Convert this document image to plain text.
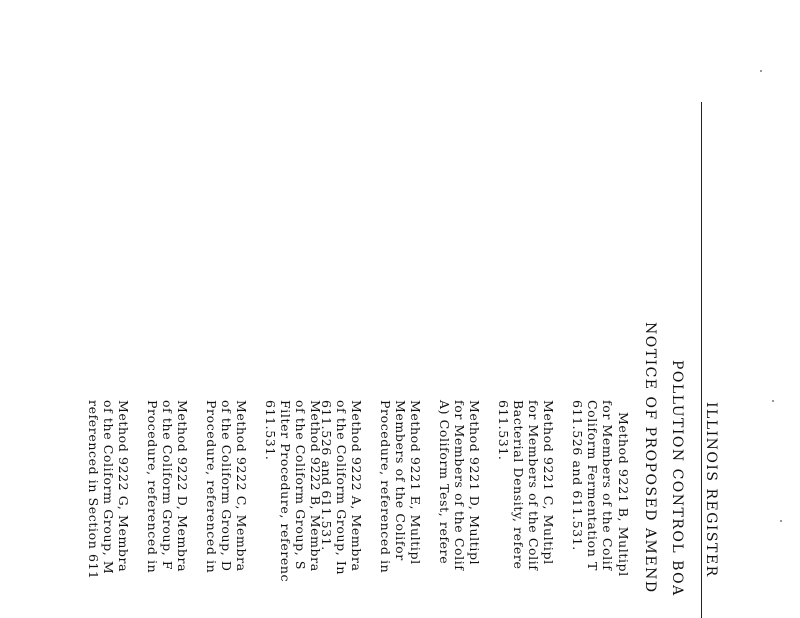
ILLINOIS REGISTER
POLLUTION CONTROL BOA
NOTICE OF PROPOSED AMEND
Method 9221 B, Multipl
for Members of the Colif
Coliform Fermentation T
611.526 and 611.531.
Method 9221 C, Multipl
for Members of the Colif
Bacterial Density, refere
611.531.
Method 9221 D, Multipl
for Members of the Colif
A) Coliform Test, refere
Method 9221 E, Multipl
Members of the Colifor
Procedure, referenced in
Method 9222 A, Membra
of the Coliform Group, In
611.526 and 611.531.
Method 9222 B, Membra
of the Coliform Group, S
Filter Procedure, referenc
611.531.
Method 9222 C, Membra
of the Coliform Group, D
Procedure, referenced in
Method 9222 D, Membra
of the Coliform Group, F
Procedure, referenced in
Method 9222 G, Membra
of the Coliform Group, M
referenced in Section 611
